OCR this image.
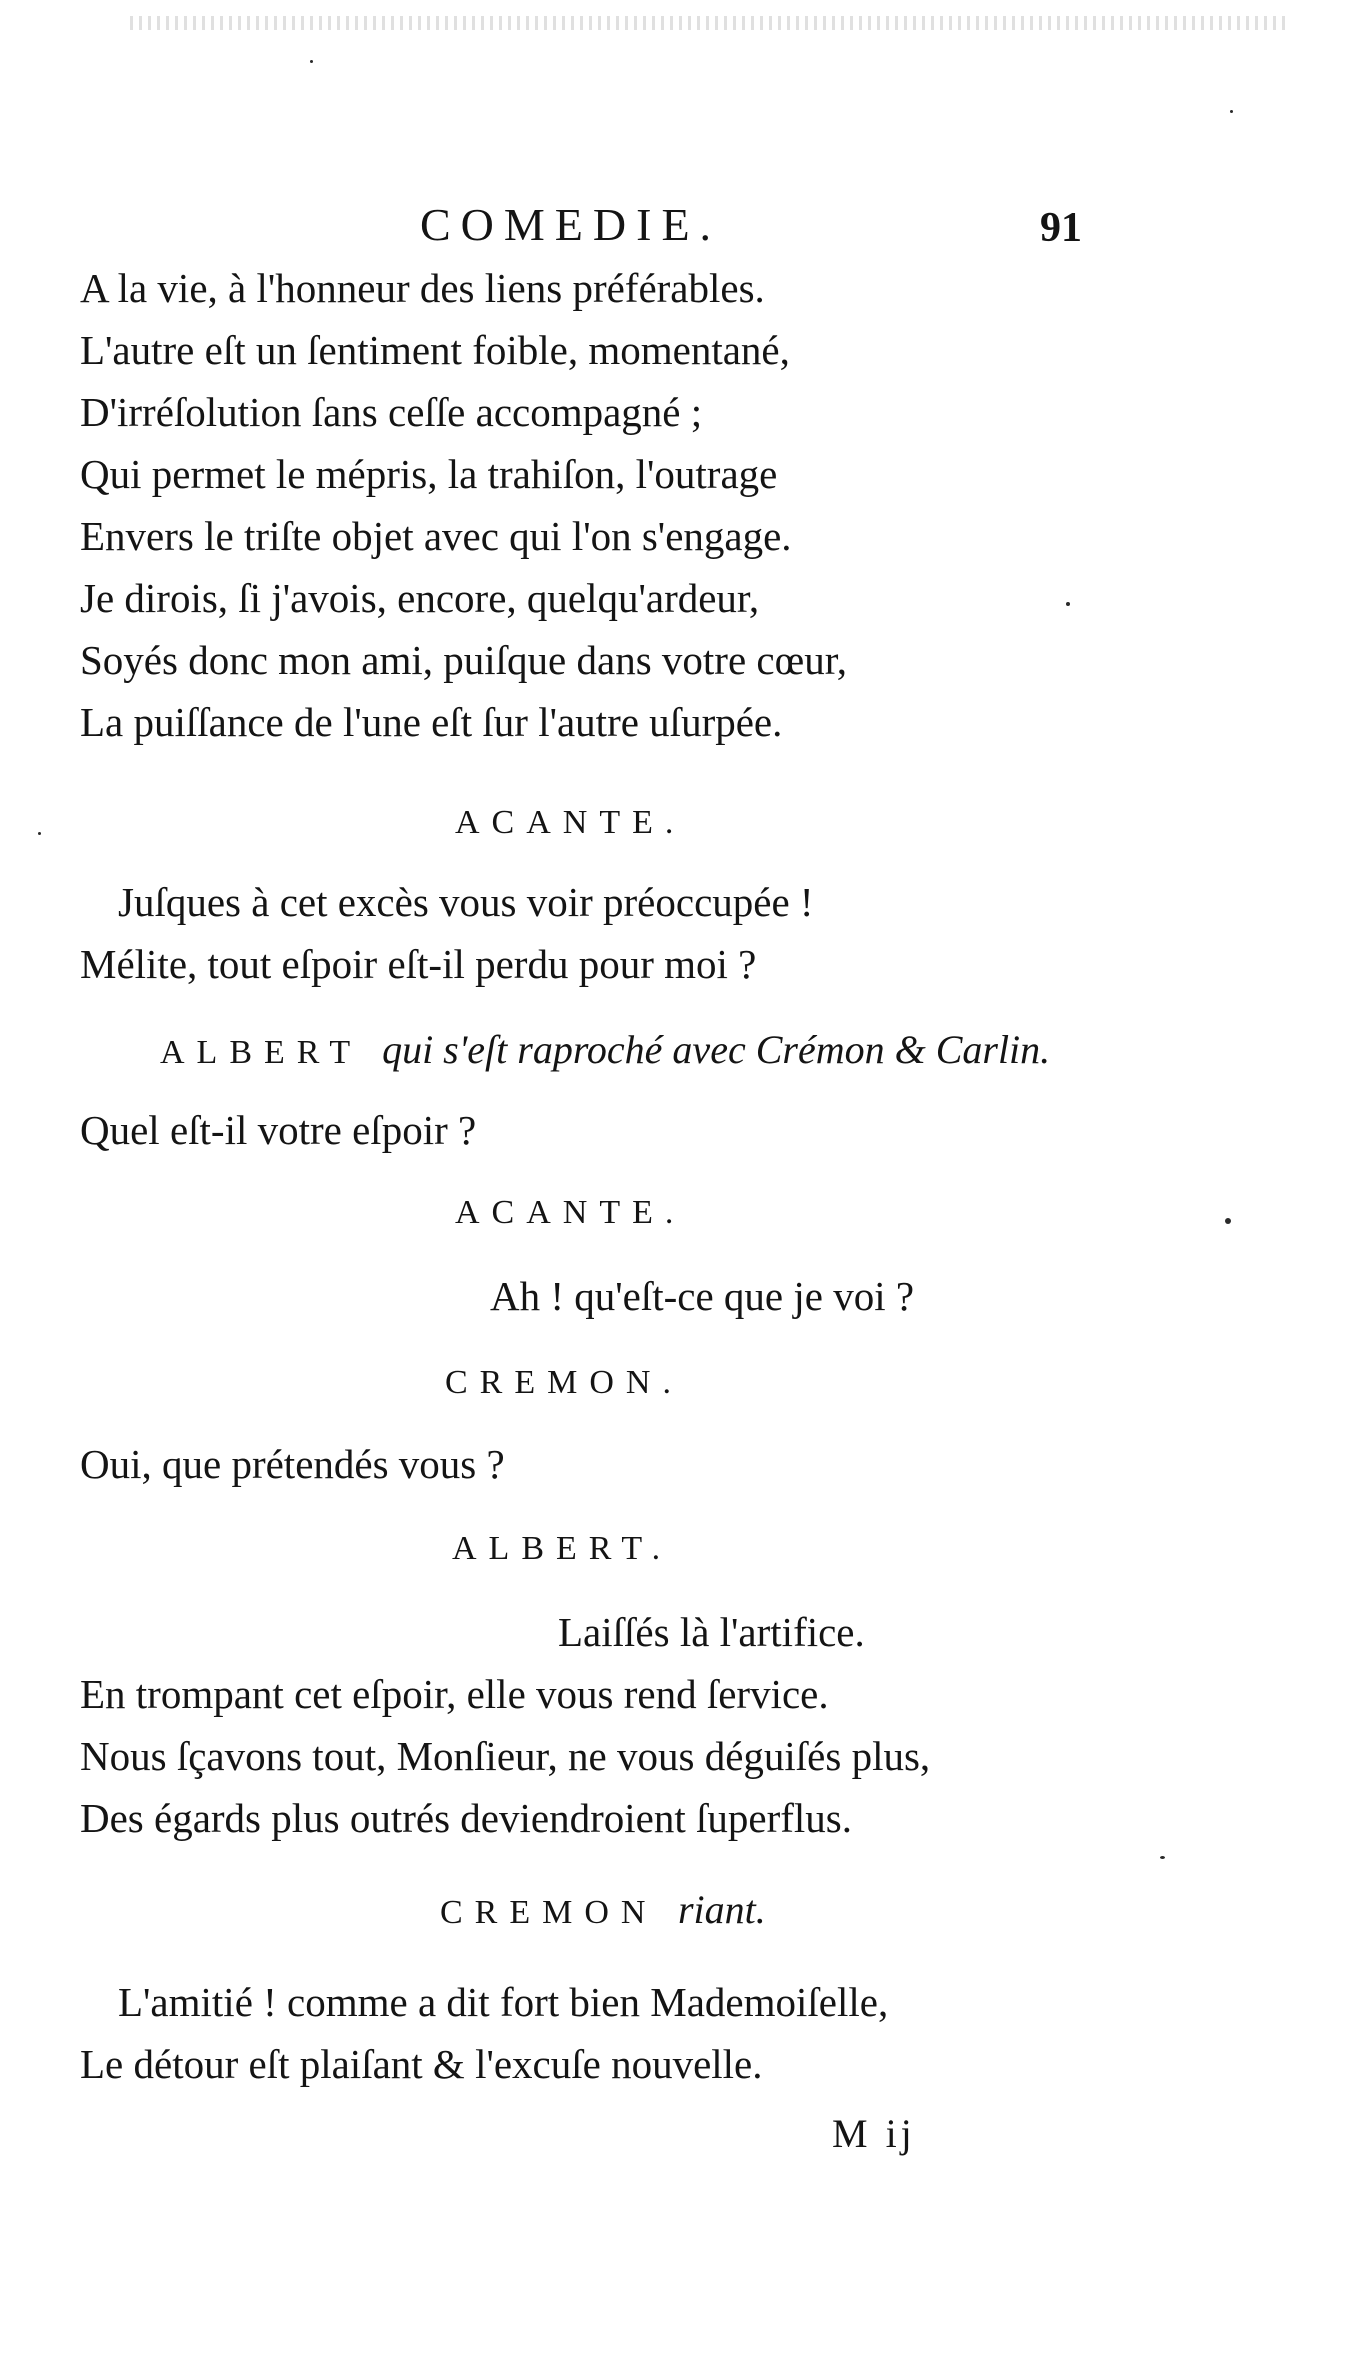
COMEDIE.	91
A la vie, à l'honneur des liens préférables.
L'autre eſt un ſentiment foible, momentané,
D'irréſolution ſans ceſſe accompagné ;
Qui permet le mépris, la trahiſon, l'outrage
Envers le triſte objet avec qui l'on s'engage.
Je dirois, ſi j'avois, encore, quelqu'ardeur,
Soyés donc mon ami, puiſque dans votre cœur,
La puiſſance de l'une eſt ſur l'autre uſurpée.
ACANTE.
Juſques à cet excès vous voir préoccupée !
Mélite, tout eſpoir eſt-il perdu pour moi ?
ALBERT qui s'eſt raproché avec Crémon & Carlin.
Quel eſt-il votre eſpoir ?
ACANTE.
Ah ! qu'eſt-ce que je voi ?
CREMON.
Oui, que prétendés vous ?
ALBERT.
Laiſſés là l'artifice.
En trompant cet eſpoir, elle vous rend ſervice.
Nous ſçavons tout, Monſieur, ne vous déguiſés plus,
Des égards plus outrés deviendroient ſuperflus.
CREMON riant.
L'amitié ! comme a dit fort bien Mademoiſelle,
Le détour eſt plaiſant & l'excuſe nouvelle.
M ij
